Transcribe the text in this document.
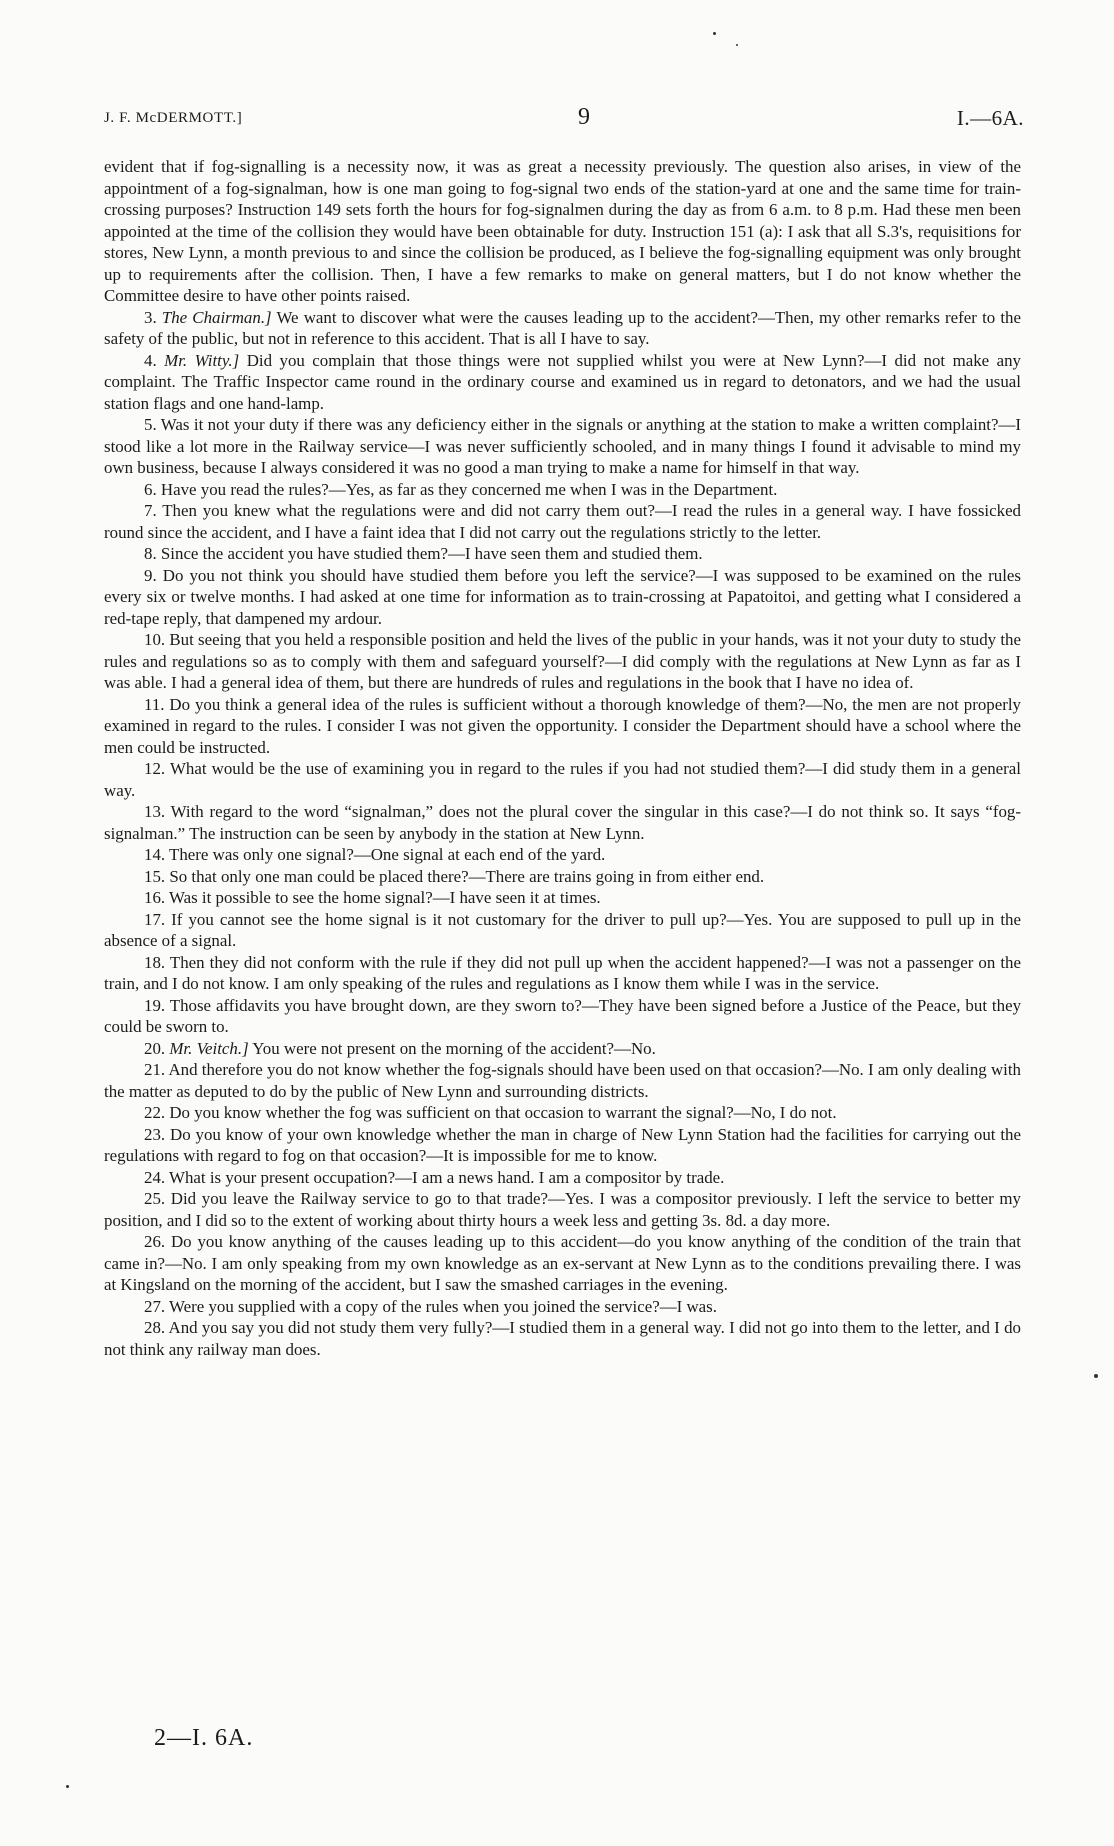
J. F. McDERMOTT.]	9	I.—6A.

evident that if fog-signalling is a necessity now, it was as great a necessity previously. The question also arises, in view of the appointment of a fog-signalman, how is one man going to fog-signal two ends of the station-yard at one and the same time for train-crossing purposes? Instruction 149 sets forth the hours for fog-signalmen during the day as from 6 a.m. to 8 p.m. Had these men been appointed at the time of the collision they would have been obtainable for duty. Instruction 151 (a): I ask that all S.3's, requisitions for stores, New Lynn, a month previous to and since the collision be produced, as I believe the fog-signalling equipment was only brought up to requirements after the collision. Then, I have a few remarks to make on general matters, but I do not know whether the Committee desire to have other points raised.

3. The Chairman.] We want to discover what were the causes leading up to the accident?—Then, my other remarks refer to the safety of the public, but not in reference to this accident. That is all I have to say.

4. Mr. Witty.] Did you complain that those things were not supplied whilst you were at New Lynn?—I did not make any complaint. The Traffic Inspector came round in the ordinary course and examined us in regard to detonators, and we had the usual station flags and one hand-lamp.

5. Was it not your duty if there was any deficiency either in the signals or anything at the station to make a written complaint?—I stood like a lot more in the Railway service—I was never sufficiently schooled, and in many things I found it advisable to mind my own business, because I always considered it was no good a man trying to make a name for himself in that way.

6. Have you read the rules?—Yes, as far as they concerned me when I was in the Department.

7. Then you knew what the regulations were and did not carry them out?—I read the rules in a general way. I have fossicked round since the accident, and I have a faint idea that I did not carry out the regulations strictly to the letter.

8. Since the accident you have studied them?—I have seen them and studied them.

9. Do you not think you should have studied them before you left the service?—I was supposed to be examined on the rules every six or twelve months. I had asked at one time for information as to train-crossing at Papatoitoi, and getting what I considered a red-tape reply, that dampened my ardour.

10. But seeing that you held a responsible position and held the lives of the public in your hands, was it not your duty to study the rules and regulations so as to comply with them and safeguard yourself?—I did comply with the regulations at New Lynn as far as I was able. I had a general idea of them, but there are hundreds of rules and regulations in the book that I have no idea of.

11. Do you think a general idea of the rules is sufficient without a thorough knowledge of them?—No, the men are not properly examined in regard to the rules. I consider I was not given the opportunity. I consider the Department should have a school where the men could be instructed.

12. What would be the use of examining you in regard to the rules if you had not studied them?—I did study them in a general way.

13. With regard to the word “signalman,” does not the plural cover the singular in this case?—I do not think so. It says “fog-signalman.” The instruction can be seen by anybody in the station at New Lynn.

14. There was only one signal?—One signal at each end of the yard.

15. So that only one man could be placed there?—There are trains going in from either end.

16. Was it possible to see the home signal?—I have seen it at times.

17. If you cannot see the home signal is it not customary for the driver to pull up?—Yes. You are supposed to pull up in the absence of a signal.

18. Then they did not conform with the rule if they did not pull up when the accident happened?—I was not a passenger on the train, and I do not know. I am only speaking of the rules and regulations as I know them while I was in the service.

19. Those affidavits you have brought down, are they sworn to?—They have been signed before a Justice of the Peace, but they could be sworn to.

20. Mr. Veitch.] You were not present on the morning of the accident?—No.

21. And therefore you do not know whether the fog-signals should have been used on that occasion?—No. I am only dealing with the matter as deputed to do by the public of New Lynn and surrounding districts.

22. Do you know whether the fog was sufficient on that occasion to warrant the signal?—No, I do not.

23. Do you know of your own knowledge whether the man in charge of New Lynn Station had the facilities for carrying out the regulations with regard to fog on that occasion?—It is impossible for me to know.

24. What is your present occupation?—I am a news hand. I am a compositor by trade.

25. Did you leave the Railway service to go to that trade?—Yes. I was a compositor previously. I left the service to better my position, and I did so to the extent of working about thirty hours a week less and getting 3s. 8d. a day more.

26. Do you know anything of the causes leading up to this accident—do you know anything of the condition of the train that came in?—No. I am only speaking from my own knowledge as an ex-servant at New Lynn as to the conditions prevailing there. I was at Kingsland on the morning of the accident, but I saw the smashed carriages in the evening.

27. Were you supplied with a copy of the rules when you joined the service?—I was.

28. And you say you did not study them very fully?—I studied them in a general way. I did not go into them to the letter, and I do not think any railway man does.

2—I. 6A.
